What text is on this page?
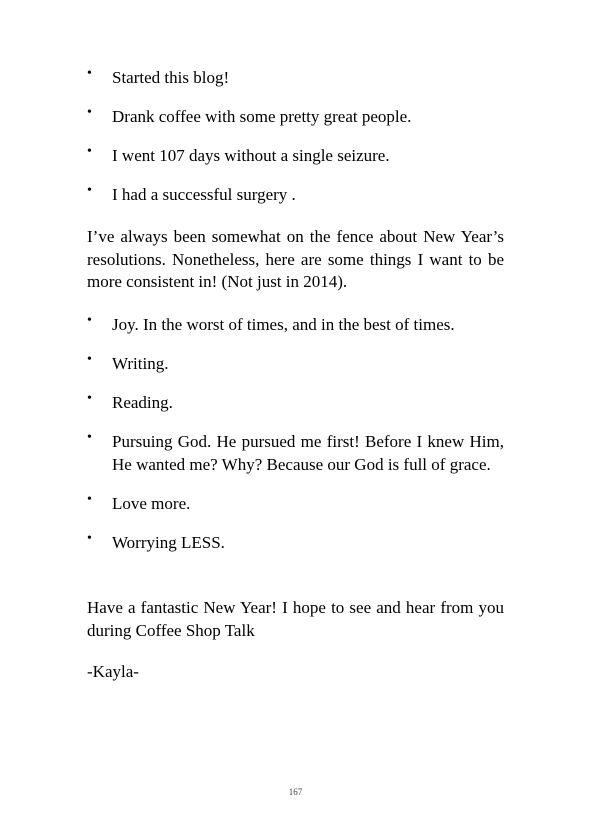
• Started this blog!
• Drank coffee with some pretty great people.
• I went 107 days without a single seizure.
• I had a successful surgery .

I’ve always been somewhat on the fence about New Year’s resolutions. Nonetheless, here are some things I want to be more consistent in! (Not just in 2014).

• Joy. In the worst of times, and in the best of times.
• Writing.
• Reading.
• Pursuing God. He pursued me first! Before I knew Him, He wanted me? Why? Because our God is full of grace.
• Love more.
• Worrying LESS.

Have a fantastic New Year! I hope to see and hear from you during Coffee Shop Talk

-Kayla-

167
